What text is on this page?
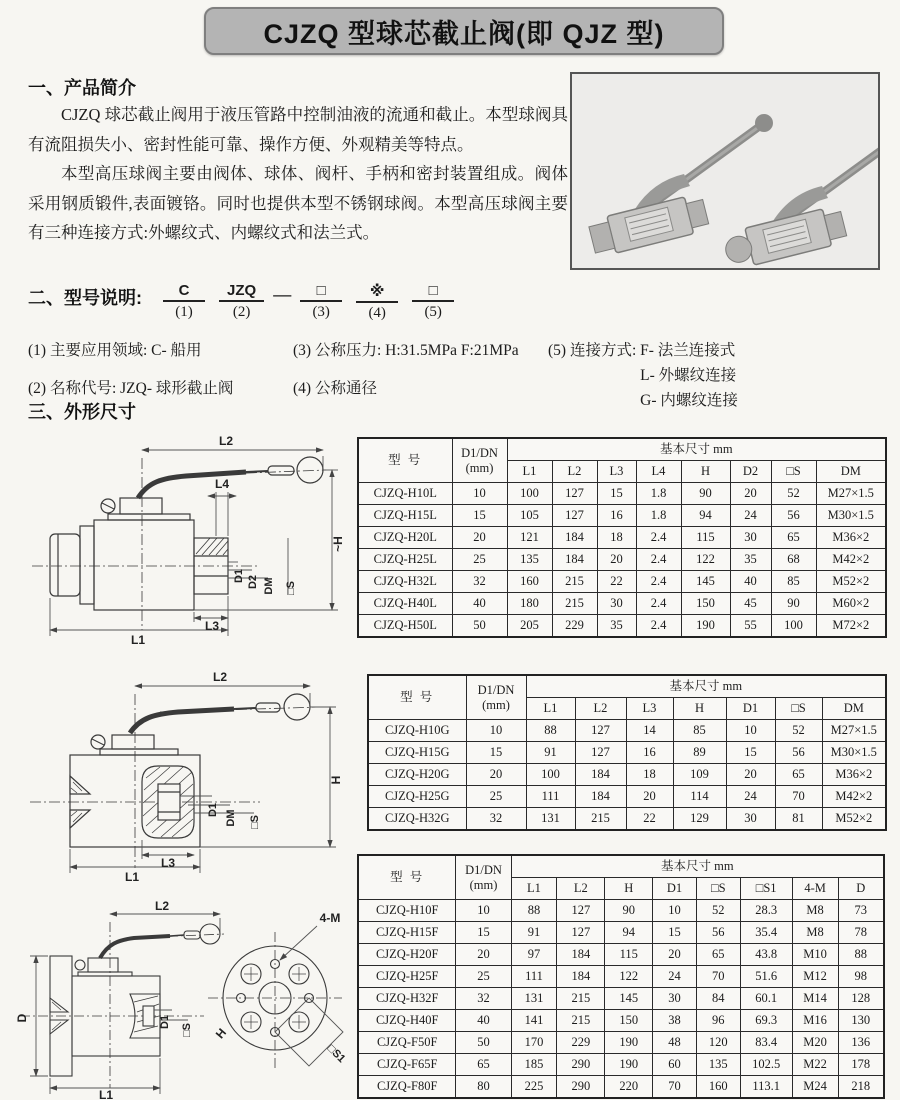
CJZQ 型球芯截止阀(即 QJZ 型)
一、产品简介

CJZQ 球芯截止阀用于液压管路中控制油液的流通和截止。本型球阀具有流阻损失小、密封性能可靠、操作方便、外观精美等特点。

本型高压球阀主要由阀体、球体、阀杆、手柄和密封装置组成。阀体采用钢质锻件,表面镀铬。同时也提供本型不锈钢球阀。本型高压球阀主要有三种连接方式:外螺纹式、内螺纹式和法兰式。

二、型号说明:	C
(1)
JZQ
(2)
—	□
(3)
※
(4)
□
(5)
(1) 主要应用领域: C- 船用	(3) 公称压力: H:31.5MPa F:21MPa (5) 连接方式: F- 法兰连接式
L- 外螺纹连接
G- 内螺纹连接
(2) 名称代号: JZQ- 球形截止阀	(4) 公称通径
三、外形尺寸
L2
L4
~H
D1 D2 DM □S
L1
L3
型 号	D1/DN
(mm)	基本尺寸 mm							
		L1	L2	L3	L4	H	D2	□S	DM
CJZQ-H10L	10	100	127	15	1.8	90	20	52	M27×1.5
CJZQ-H15L	15	105	127	16	1.8	94	24	56	M30×1.5
CJZQ-H20L	20	121	184	18	2.4	115	30	65	M36×2
CJZQ-H25L	25	135	184	20	2.4	122	35	68	M42×2
CJZQ-H32L	32	160	215	22	2.4	145	40	85	M52×2
CJZQ-H40L	40	180	215	30	2.4	150	45	90	M60×2
CJZQ-H50L	50	205	229	35	2.4	190	55	100	M72×2
L2
H
D1 DM □S
L1
L3
型 号	D1/DN
(mm)	基本尺寸 mm						
		L1	L2	L3	H	D1	□S	DM
CJZQ-H10G	10	88	127	14	85	10	52	M27×1.5
CJZQ-H15G	15	91	127	16	89	15	56	M30×1.5
CJZQ-H20G	20	100	184	18	109	20	65	M36×2
CJZQ-H25G	25	111	184	20	114	24	70	M42×2
CJZQ-H32G	32	131	215	22	129	30	81	M52×2
L2
D	D1
□S
L1
4-M
H
□S1
型 号	D1/DN
(mm)	基本尺寸 mm							
		L1	L2	H	D1	□S	□S1	4-M	D
CJZQ-H10F	10	88	127	90	10	52	28.3	M8	73
CJZQ-H15F	15	91	127	94	15	56	35.4	M8	78
CJZQ-H20F	20	97	184	115	20	65	43.8	M10	88
CJZQ-H25F	25	111	184	122	24	70	51.6	M12	98
CJZQ-H32F	32	131	215	145	30	84	60.1	M14	128
CJZQ-H40F	40	141	215	150	38	96	69.3	M16	130
CJZQ-F50F	50	170	229	190	48	120	83.4	M20	136
CJZQ-F65F	65	185	290	190	60	135	102.5	M22	178
CJZQ-F80F	80	225	290	220	70	160	113.1	M24	218
